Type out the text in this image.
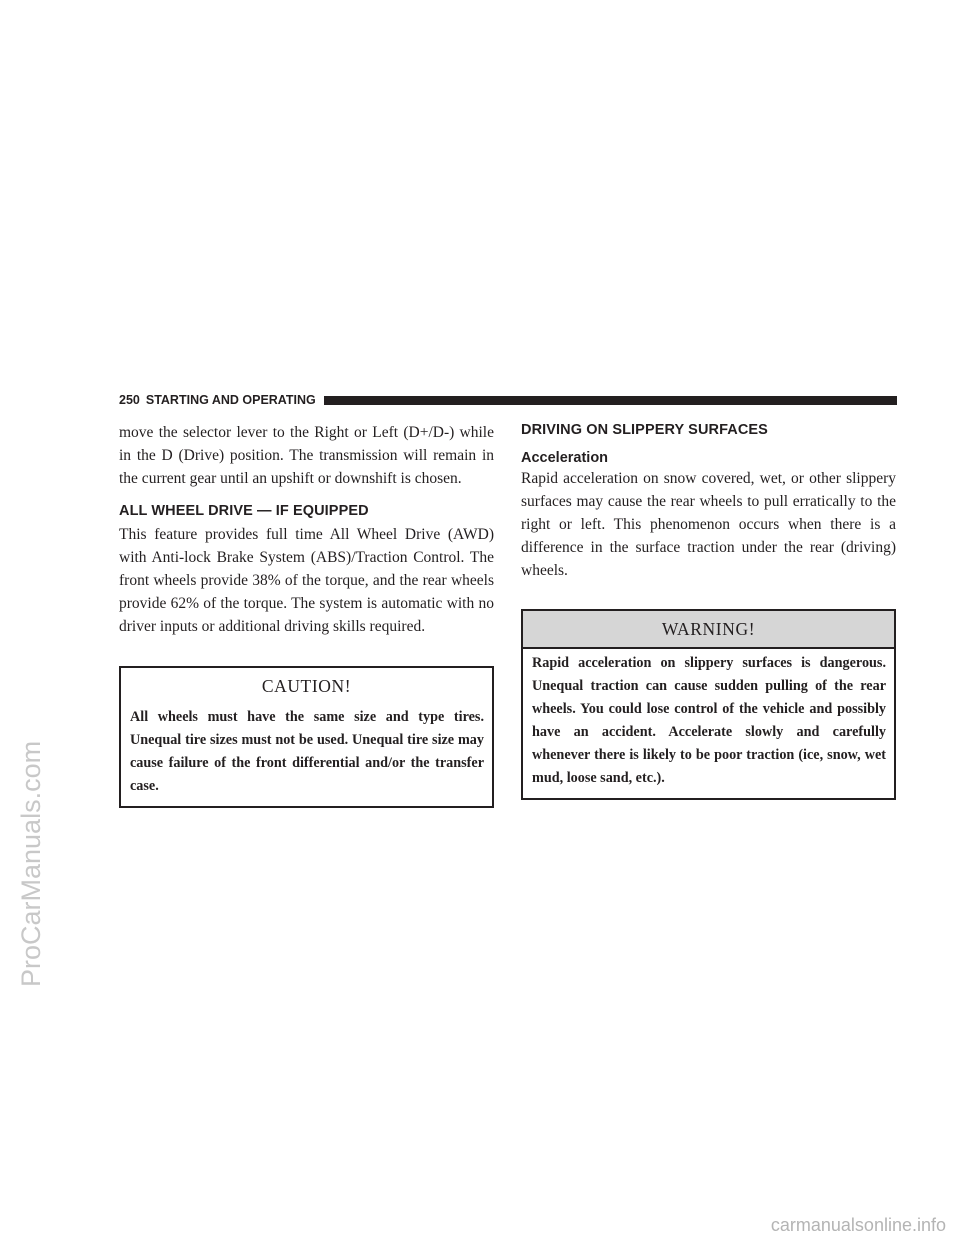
ProCarManuals.com
250 STARTING AND OPERATING

move the selector lever to the Right or Left (D+/D-) while in the D (Drive) position. The transmission will remain in the current gear until an upshift or downshift is chosen.

ALL WHEEL DRIVE — IF EQUIPPED

This feature provides full time All Wheel Drive (AWD) with Anti-lock Brake System (ABS)/Traction Control. The front wheels provide 38% of the torque, and the rear wheels provide 62% of the torque. The system is automatic with no driver inputs or additional driving skills required.

CAUTION!
All wheels must have the same size and type tires. Unequal tire sizes must not be used. Unequal tire size may cause failure of the front differential and/or the transfer case.
DRIVING ON SLIPPERY SURFACES
Acceleration

Rapid acceleration on snow covered, wet, or other slippery surfaces may cause the rear wheels to pull erratically to the right or left. This phenomenon occurs when there is a difference in the surface traction under the rear (driving) wheels.

WARNING!
Rapid acceleration on slippery surfaces is dangerous. Unequal traction can cause sudden pulling of the rear wheels. You could lose control of the vehicle and possibly have an accident. Accelerate slowly and carefully whenever there is likely to be poor traction (ice, snow, wet mud, loose sand, etc.).
carmanualsonline.info
